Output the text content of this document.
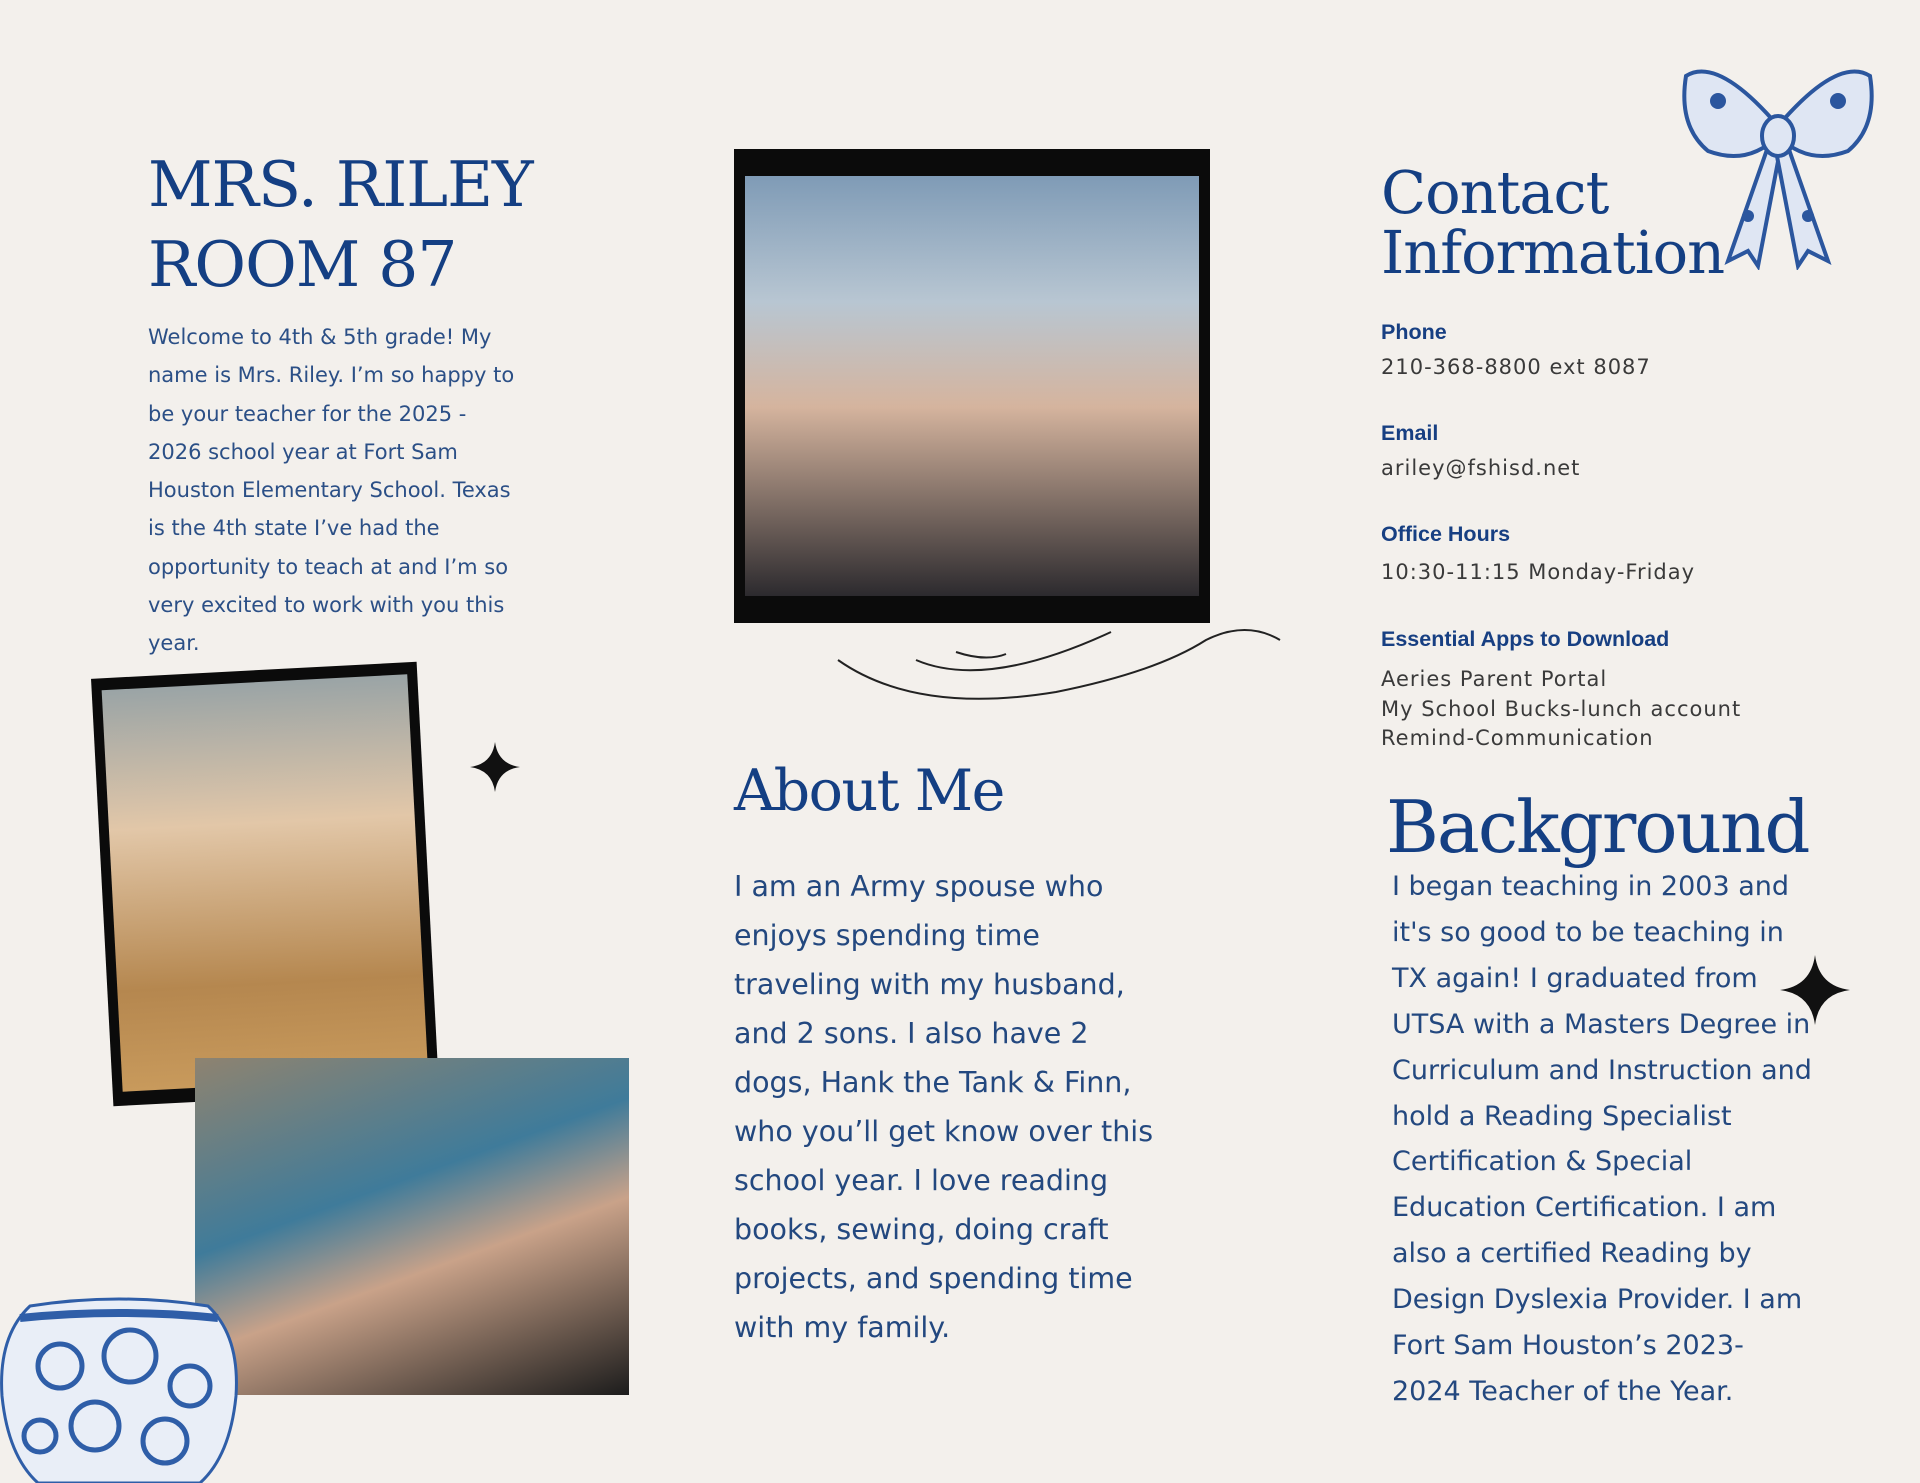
MRS. RILEY
ROOM 87
Welcome to 4th & 5th grade! My name is Mrs. Riley. I’m so happy to be your teacher for the 2025 - 2026 school year at Fort Sam Houston Elementary School. Texas is the 4th state I’ve had the opportunity to teach at and I’m so very excited to work with you this year.
About Me
I am an Army spouse who enjoys spending time traveling with my husband, and 2 sons. I also have 2 dogs, Hank the Tank & Finn, who you’ll get know over this school year. I love reading books, sewing, doing craft projects, and spending time with my family.
Contact
Information
Phone
210-368-8800 ext 8087
Email
ariley@fshisd.net
Office Hours
10:30-11:15 Monday-Friday
Essential Apps to Download
Aeries Parent Portal
My School Bucks-lunch account
Remind-Communication
Background
I began teaching in 2003 and it's so good to be teaching in TX again! I graduated from UTSA with a Masters Degree in Curriculum and Instruction and hold a Reading Specialist Certification & Special Education Certification. I am also a certified Reading by Design Dyslexia Provider. I am Fort Sam Houston’s 2023-2024 Teacher of the Year.
